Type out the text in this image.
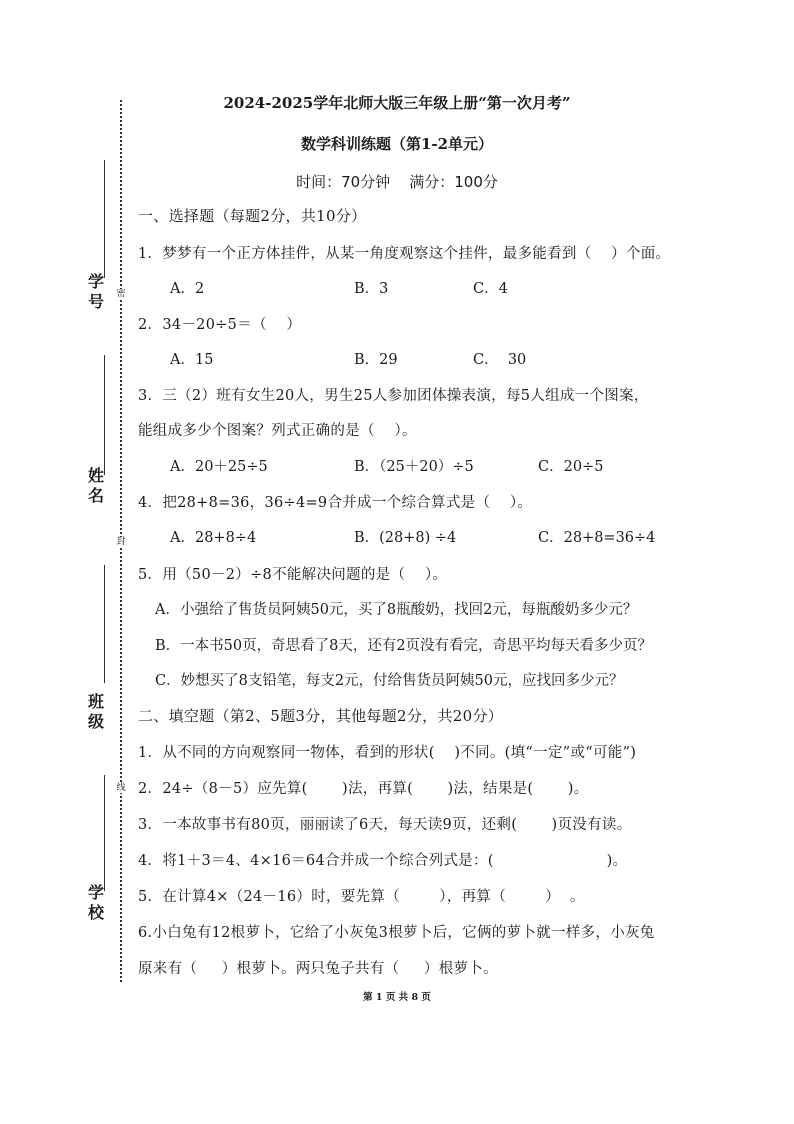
2024-2025学年北师大版三年级上册“第一次月考”
数学科训练题（第1-2单元）
时间：70分钟    满分：100分
学号
姓名
班级
学校
密
封
线
一、选择题（每题2分，共10分）
1．梦梦有一个正方体挂件，从某一角度观察这个挂件，最多能看到（    ）个面。
A．2	B．3	C．4
2．34－20÷5＝（    ）
A．15	B．29	C．  30
3．三（2）班有女生20人，男生25人参加团体操表演，每5人组成一个图案，
能组成多少个图案？列式正确的是（    ）。
A．20＋25÷5	B．（25＋20）÷5	C．20÷5
4．把28+8=36，36÷4=9合并成一个综合算式是（    ）。
A．28+8÷4	B．(28+8) ÷4	C．28+8=36÷4
5．用（50－2）÷8不能解决问题的是（    ）。
A．小强给了售货员阿姨50元，买了8瓶酸奶，找回2元，每瓶酸奶多少元？
B．一本书50页，奇思看了8天，还有2页没有看完，奇思平均每天看多少页？
C．妙想买了8支铅笔，每支2元，付给售货员阿姨50元，应找回多少元？
二、填空题（第2、5题3分，其他每题2分，共20分）
1．从不同的方向观察同一物体，看到的形状(    )不同。(填“一定”或“可能”)
2．24÷（8－5）应先算(       )法，再算(       )法，结果是(       )。
3．一本故事书有80页，丽丽读了6天，每天读9页，还剩(       )页没有读。
4．将1＋3＝4、4×16＝64合并成一个综合列式是：(                       )。
5．在计算4×（24－16）时，要先算（        ），再算（        ）  。
6.小白兔有12根萝卜，它给了小灰兔3根萝卜后，它俩的萝卜就一样多，小灰兔
原来有（     ）根萝卜。两只兔子共有（     ）根萝卜。
第 1 页 共 8 页
